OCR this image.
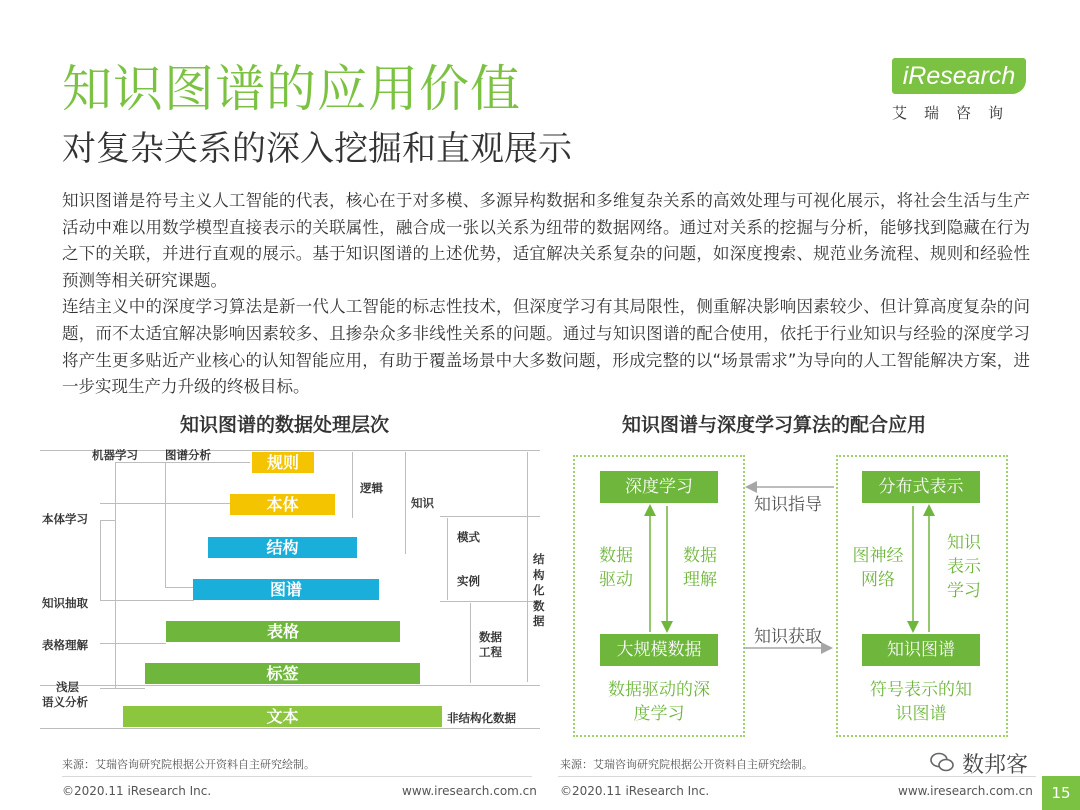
知识图谱的应用价值
对复杂关系的深入挖掘和直观展示
iResearch
艾瑞咨询

知识图谱是符号主义人工智能的代表，核心在于对多模、多源异构数据和多维复杂关系的高效处理与可视化展示，将社会生活与生产活动中难以用数学模型直接表示的关联属性，融合成一张以关系为纽带的数据网络。通过对关系的挖掘与分析，能够找到隐藏在行为之下的关联，并进行直观的展示。基于知识图谱的上述优势，适宜解决关系复杂的问题，如深度搜索、规范业务流程、规则和经验性预测等相关研究课题。

连结主义中的深度学习算法是新一代人工智能的标志性技术，但深度学习有其局限性，侧重解决影响因素较少、但计算高度复杂的问题，而不太适宜解决影响因素较多、且掺杂众多非线性关系的问题。通过与知识图谱的配合使用，依托于行业知识与经验的深度学习将产生更多贴近产业核心的认知智能应用，有助于覆盖场景中大多数问题，形成完整的以“场景需求”为导向的人工智能解决方案，进一步实现生产力升级的终极目标。

知识图谱的数据处理层次
规则
本体
结构
图谱
表格
标签
文本
机器学习 图谱分析
本体学习
知识抽取
表格理解
浅层
语义分析
逻辑
知识
模式
实例
结构化数据
数据工程
非结构化数据
来源：艾瑞咨询研究院根据公开资料自主研究绘制。
知识图谱与深度学习算法的配合应用
深度学习
大规模数据
分布式表示
知识图谱
数据驱动
数据理解
图神经网络
知识表示学习
知识指导
知识获取
数据驱动的深度学习
符号表示的知识图谱
来源：艾瑞咨询研究院根据公开资料自主研究绘制。
©2020.11 iResearch Inc.	www.iresearch.com.cn ©2020.11 iResearch Inc.	www.iresearch.com.cn
数邦客
15
